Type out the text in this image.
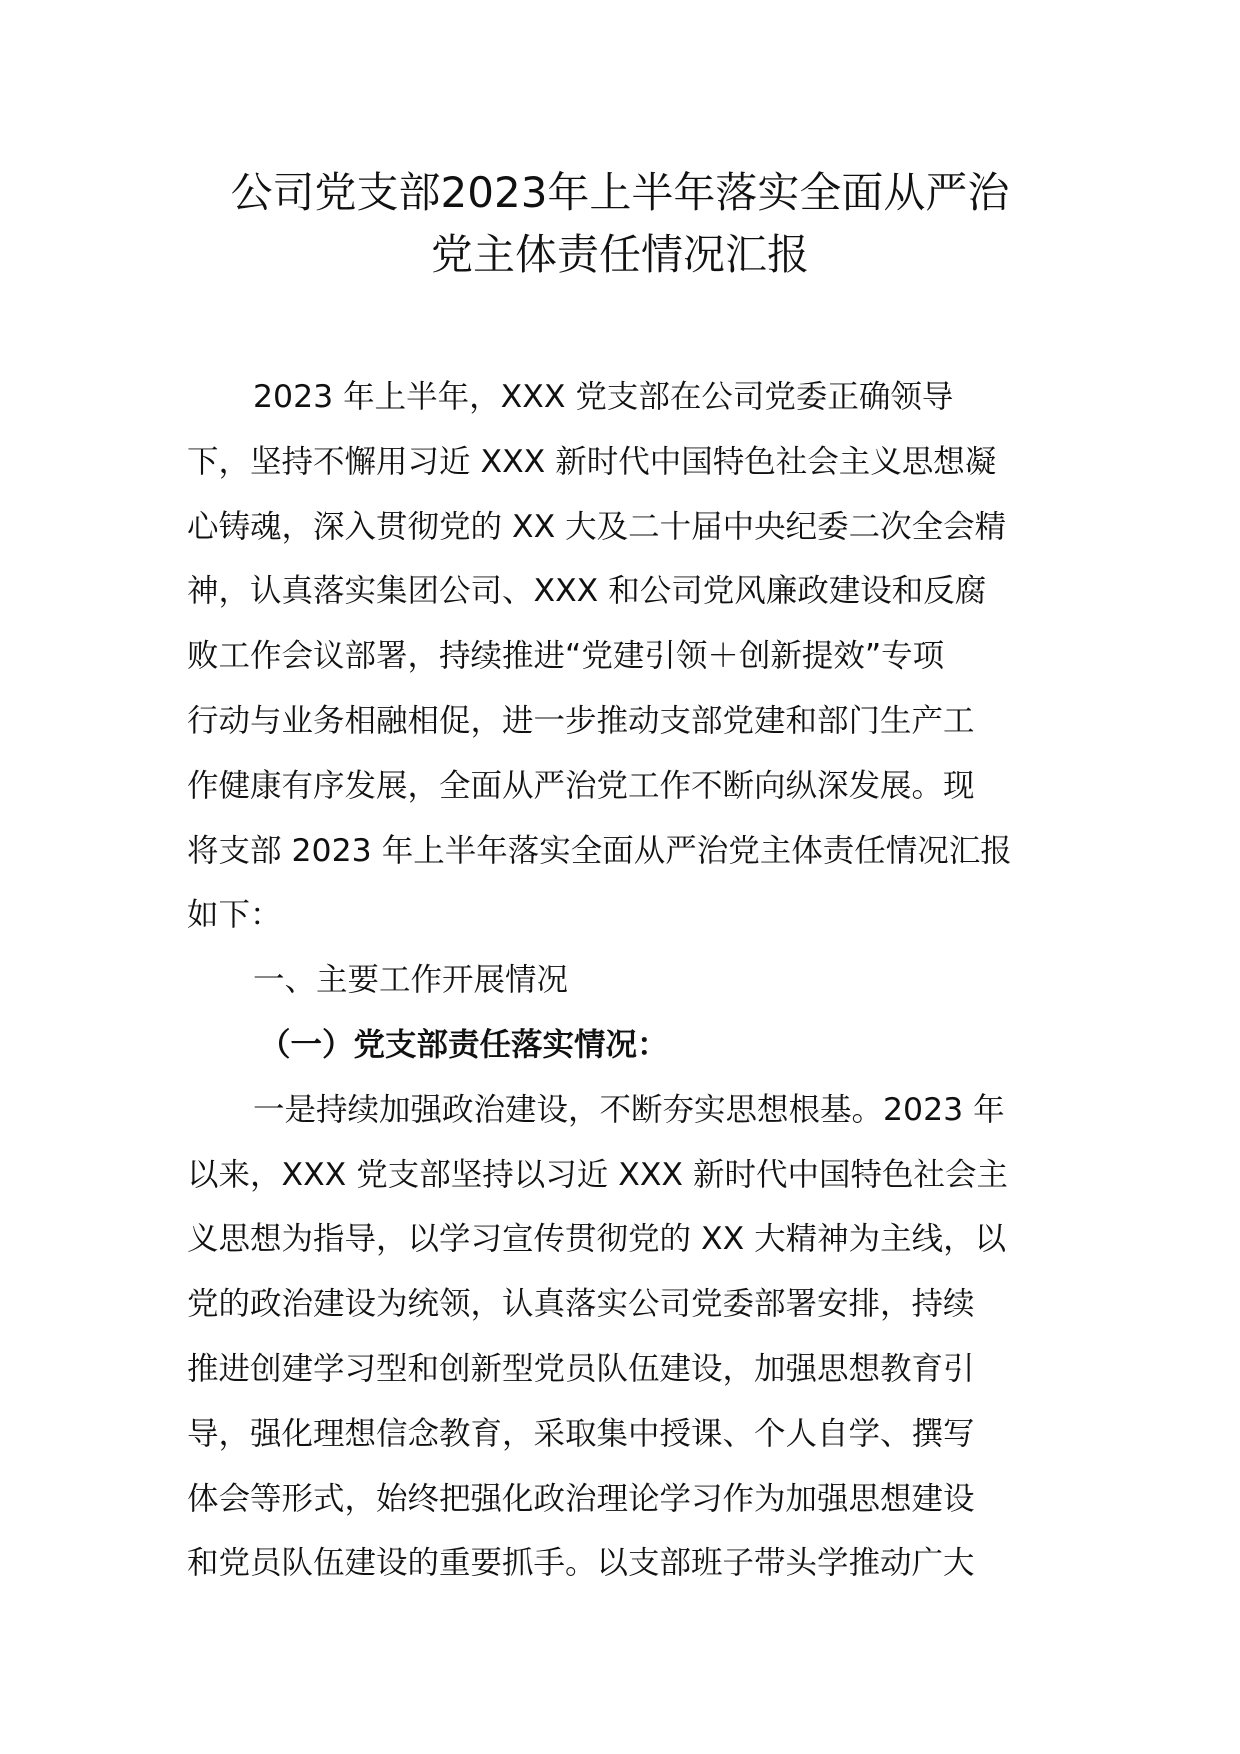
公司党支部2023年上半年落实全面从严治
党主体责任情况汇报
2023 年上半年，XXX 党支部在公司党委正确领导
下，坚持不懈用习近 XXX 新时代中国特色社会主义思想凝
心铸魂，深入贯彻党的 XX 大及二十届中央纪委二次全会精
神，认真落实集团公司、XXX 和公司党风廉政建设和反腐
败工作会议部署，持续推进“党建引领＋创新提效”专项
行动与业务相融相促，进一步推动支部党建和部门生产工
作健康有序发展，全面从严治党工作不断向纵深发展。现
将支部 2023 年上半年落实全面从严治党主体责任情况汇报
如下：
一、主要工作开展情况
（一）党支部责任落实情况：
一是持续加强政治建设，不断夯实思想根基。2023 年
以来，XXX 党支部坚持以习近 XXX 新时代中国特色社会主
义思想为指导，以学习宣传贯彻党的 XX 大精神为主线，以
党的政治建设为统领，认真落实公司党委部署安排，持续
推进创建学习型和创新型党员队伍建设，加强思想教育引
导，强化理想信念教育，采取集中授课、个人自学、撰写
体会等形式，始终把强化政治理论学习作为加强思想建设
和党员队伍建设的重要抓手。以支部班子带头学推动广大
